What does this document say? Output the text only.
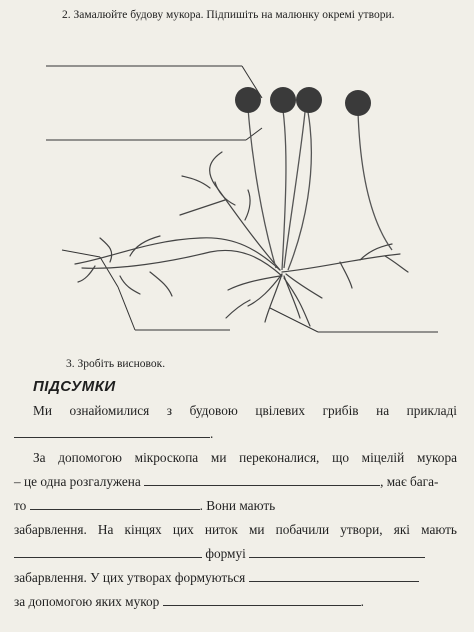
2. Замалюйте будову мукора. Підпишіть на малюнку окремі утвори.
3. Зробіть висновок.
ПІДСУМКИ
Ми ознайомилися з будовою цвілевих грибів на прикладі
.
За допомогою мікроскопа ми переконалися, що міцелій мукора
– це одна розгалужена	, має бага-
то	. Вони мають
забарвлення. На кінцях цих ниток ми побачили утвори, які мають
формуі
забарвлення. У цих утворах формуються
за допомогою яких мукор	.
